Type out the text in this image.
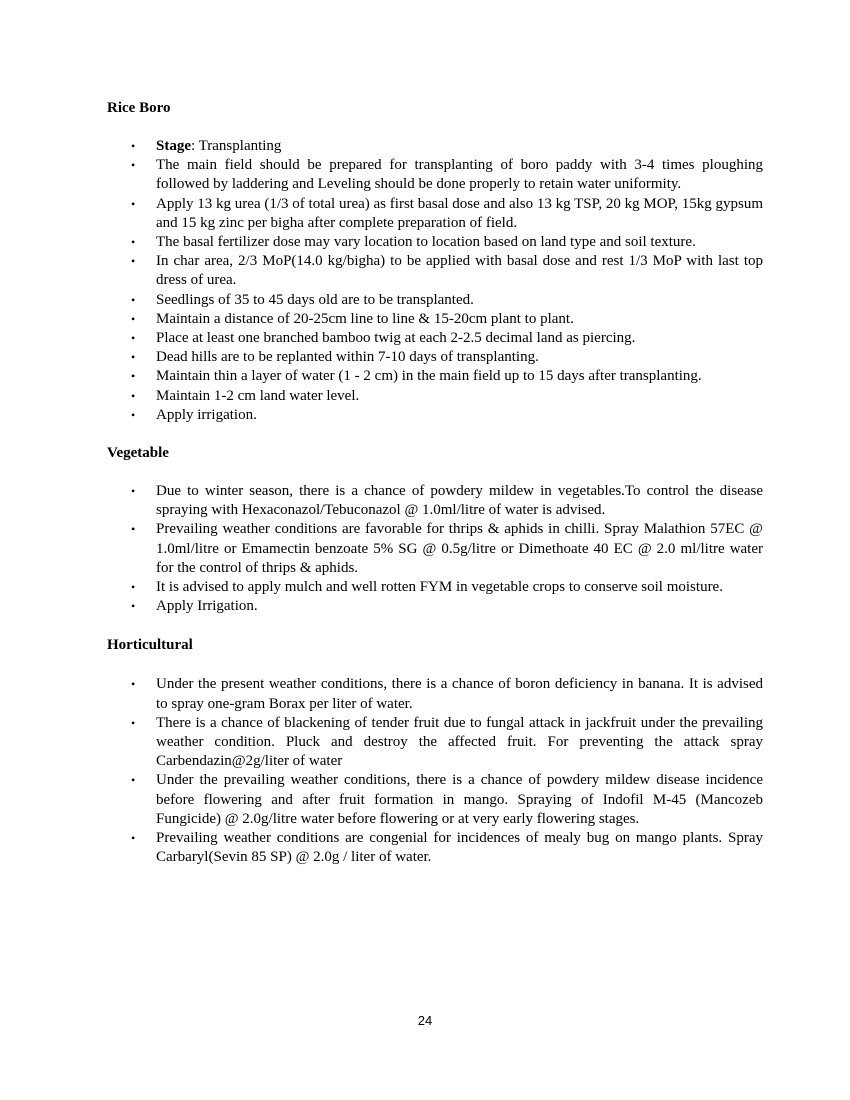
Rice Boro
• Stage: Transplanting
• The main field should be prepared for transplanting of boro paddy with 3-4 times ploughing followed by laddering and Leveling should be done properly to retain water uniformity.
• Apply 13 kg urea (1/3 of total urea) as first basal dose and also 13 kg TSP, 20 kg MOP, 15kg gypsum and 15 kg zinc per bigha after complete preparation of field.
• The basal fertilizer dose may vary location to location based on land type and soil texture.
• In char area, 2/3 MoP(14.0 kg/bigha) to be applied with basal dose and rest 1/3 MoP with last top dress of urea.
• Seedlings of 35 to 45 days old are to be transplanted.
• Maintain a distance of 20-25cm line to line & 15-20cm plant to plant.
• Place at least one branched bamboo twig at each 2-2.5 decimal land as piercing.
• Dead hills are to be replanted within 7-10 days of transplanting.
• Maintain thin a layer of water (1 - 2 cm) in the main field up to 15 days after transplanting.
• Maintain 1-2 cm land water level.
• Apply irrigation.
Vegetable
• Due to winter season, there is a chance of powdery mildew in vegetables.To control the disease spraying with Hexaconazol/Tebuconazol @ 1.0ml/litre of water is advised.
• Prevailing weather conditions are favorable for thrips & aphids in chilli. Spray Malathion 57EC @ 1.0ml/litre or Emamectin benzoate 5% SG @ 0.5g/litre or Dimethoate 40 EC @ 2.0 ml/litre water for the control of thrips & aphids.
• It is advised to apply mulch and well rotten FYM in vegetable crops to conserve soil moisture.
• Apply Irrigation.
Horticultural
• Under the present weather conditions, there is a chance of boron deficiency in banana. It is advised to spray one-gram Borax per liter of water.
• There is a chance of blackening of tender fruit due to fungal attack in jackfruit under the prevailing weather condition. Pluck and destroy the affected fruit. For preventing the attack spray Carbendazin@2g/liter of water
• Under the prevailing weather conditions, there is a chance of powdery mildew disease incidence before flowering and after fruit formation in mango. Spraying of Indofil M-45 (Mancozeb Fungicide) @ 2.0g/litre water before flowering or at very early flowering stages.
• Prevailing weather conditions are congenial for incidences of mealy bug on mango plants. Spray Carbaryl(Sevin 85 SP) @ 2.0g / liter of water.
24
